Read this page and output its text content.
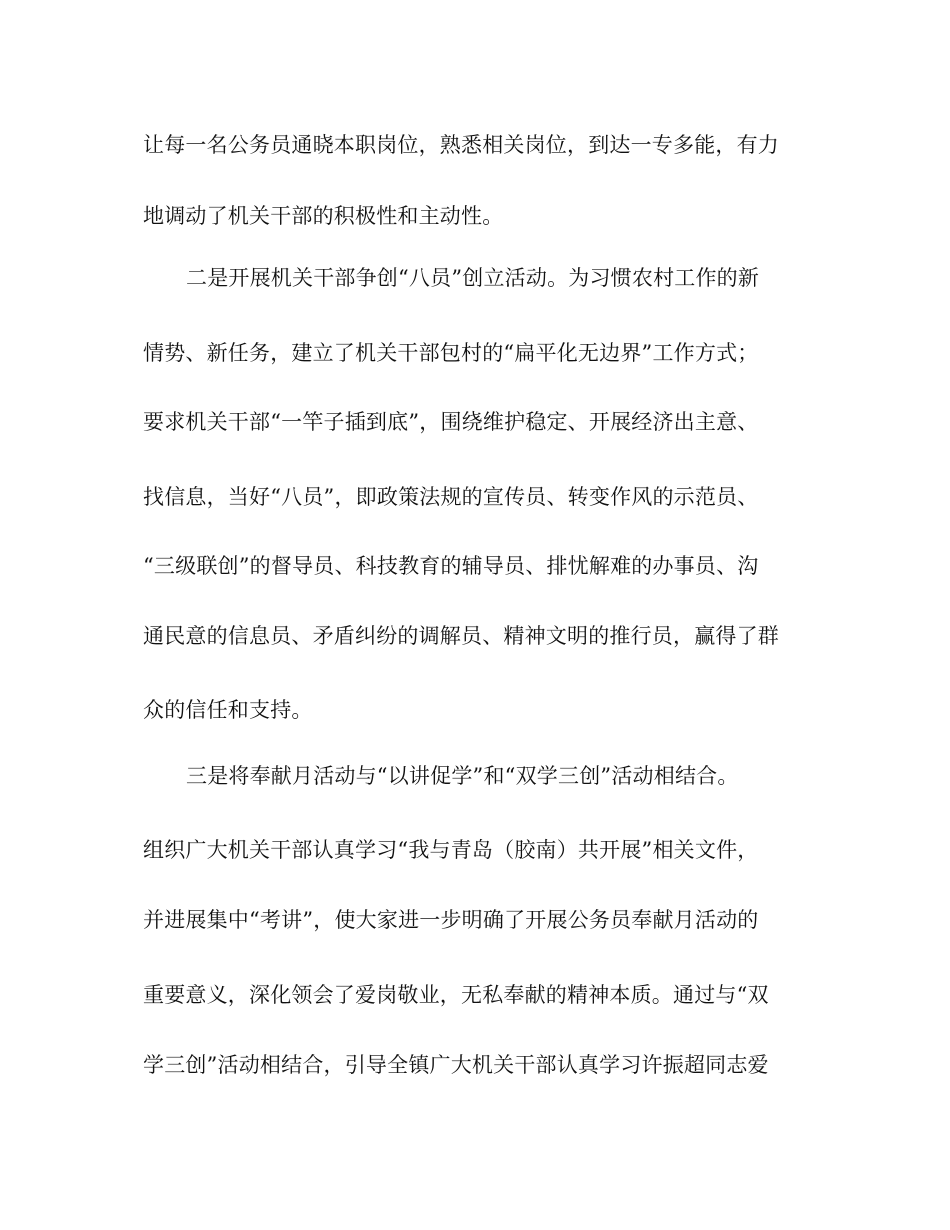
让每一名公务员通晓本职岗位，熟悉相关岗位，到达一专多能，有力
地调动了机关干部的积极性和主动性。
二是开展机关干部争创“八员”创立活动。为习惯农村工作的新
情势、新任务，建立了机关干部包村的“扁平化无边界”工作方式；
要求机关干部“一竿子插到底”，围绕维护稳定、开展经济出主意、
找信息，当好“八员”，即政策法规的宣传员、转变作风的示范员、
“三级联创”的督导员、科技教育的辅导员、排忧解难的办事员、沟
通民意的信息员、矛盾纠纷的调解员、精神文明的推行员，赢得了群
众的信任和支持。
三是将奉献月活动与“以讲促学”和“双学三创”活动相结合。
组织广大机关干部认真学习“我与青岛（胶南）共开展”相关文件，
并进展集中“考讲”，使大家进一步明确了开展公务员奉献月活动的
重要意义，深化领会了爱岗敬业，无私奉献的精神本质。通过与“双
学三创”活动相结合，引导全镇广大机关干部认真学习许振超同志爱
